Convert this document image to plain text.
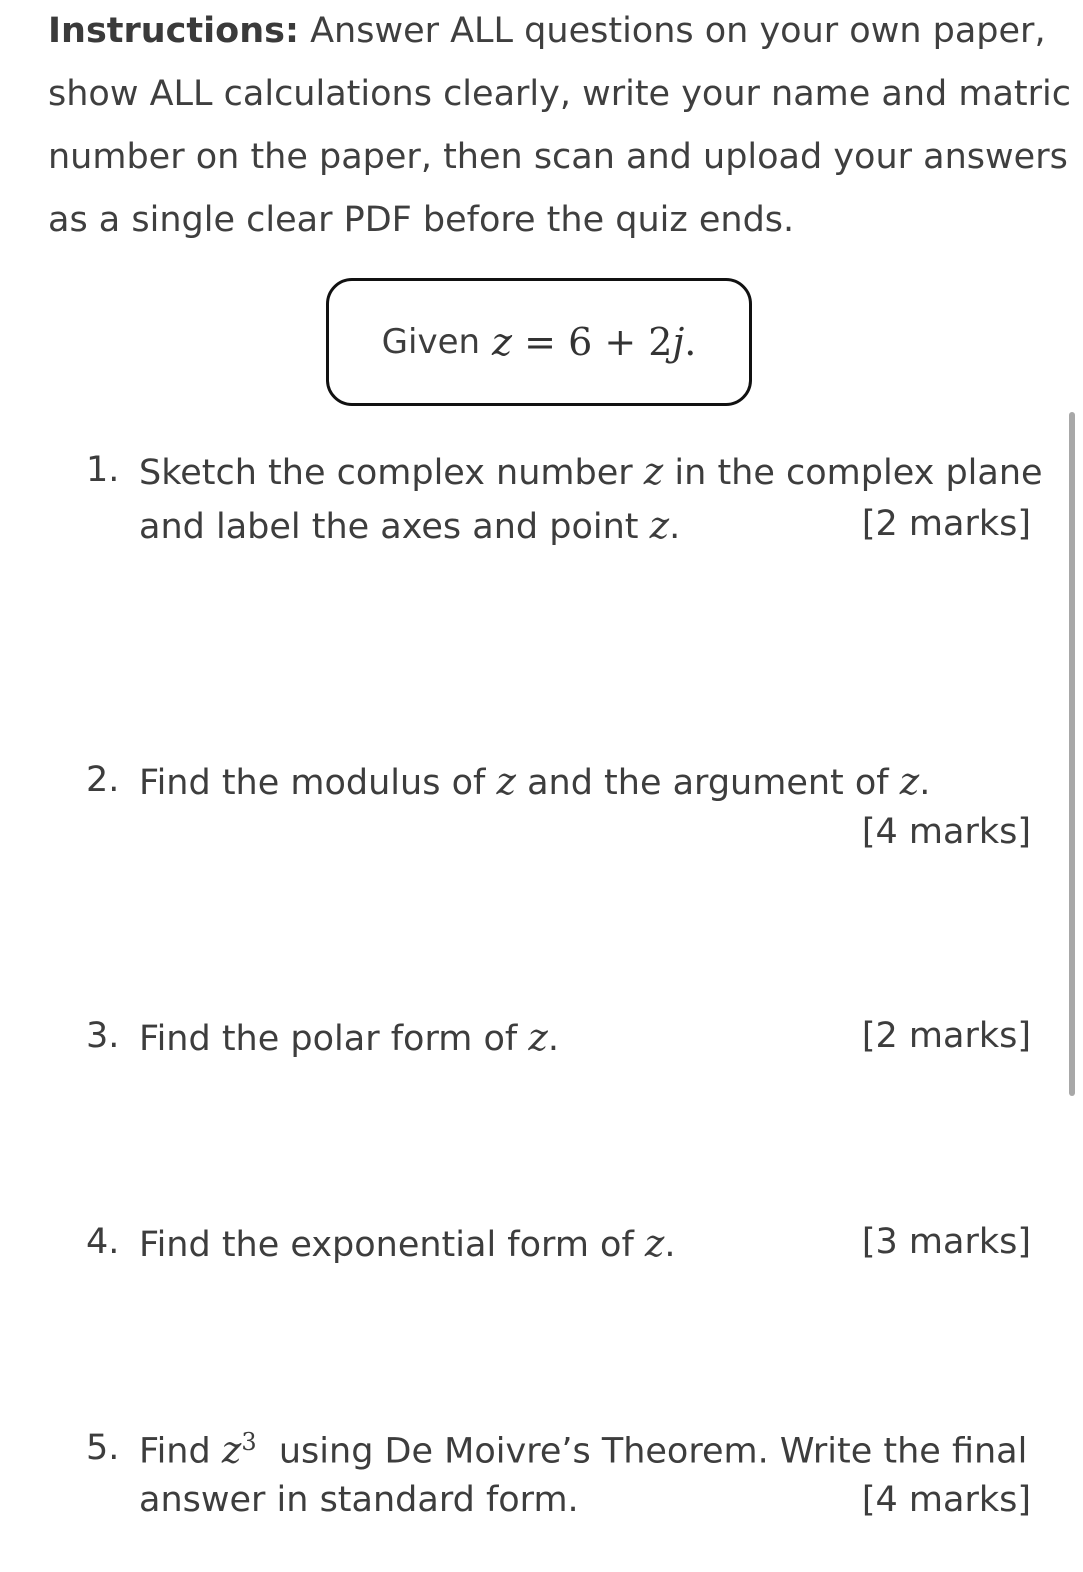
Instructions: Answer ALL questions on your own paper,
show ALL calculations clearly, write your name and matric
number on the paper, then scan and upload your answers
as a single clear PDF before the quiz ends.
Given z = 6 + 2j.
1. Sketch the complex number z in the complex plane
and label the axes and point z.	[2 marks]
2. Find the modulus of z and the argument of z.
[4 marks]
3. Find the polar form of z.	[2 marks]
4. Find the exponential form of z.	[3 marks]
5. Find $z^3$  using De Moivre’s Theorem. Write the final
answer in standard form.	[4 marks]
